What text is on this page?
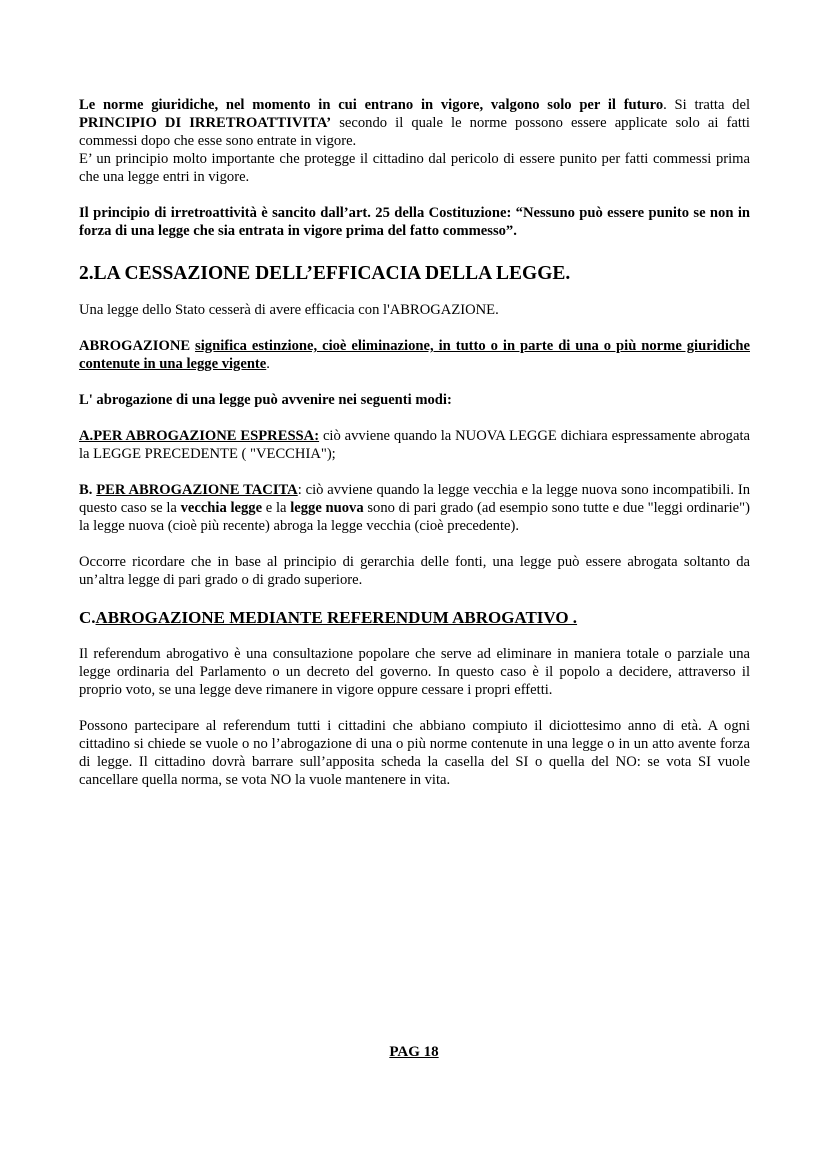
Le norme giuridiche, nel momento in cui entrano in vigore, valgono solo per il futuro. Si tratta del PRINCIPIO DI IRRETROATTIVITA’ secondo il quale le norme possono essere applicate solo ai fatti commessi dopo che esse sono entrate in vigore.
E’ un principio molto importante che protegge il cittadino dal pericolo di essere punito per fatti commessi prima che una legge entri in vigore.

Il principio di irretroattività è sancito dall’art. 25 della Costituzione: “Nessuno può essere punito se non in forza di una legge che sia entrata in vigore prima del fatto commesso”.

2.LA CESSAZIONE DELL’EFFICACIA DELLA LEGGE.

Una legge dello Stato cesserà di avere efficacia con l'ABROGAZIONE.

ABROGAZIONE significa estinzione, cioè eliminazione, in tutto o in parte di una o più norme giuridiche contenute in una legge vigente.

L' abrogazione di una legge può avvenire nei seguenti modi:

A.PER ABROGAZIONE ESPRESSA: ciò avviene quando la NUOVA LEGGE dichiara espressamente abrogata la LEGGE PRECEDENTE ( "VECCHIA");

B. PER ABROGAZIONE TACITA: ciò avviene quando la legge vecchia e la legge nuova sono incompatibili. In questo caso se la vecchia legge e la legge nuova sono di pari grado (ad esempio sono tutte e due "leggi ordinarie") la legge nuova (cioè più recente) abroga la legge vecchia (cioè precedente).

Occorre ricordare che in base al principio di gerarchia delle fonti, una legge può essere abrogata soltanto da un’altra legge di pari grado o di grado superiore.

C.ABROGAZIONE MEDIANTE REFERENDUM ABROGATIVO .

Il referendum abrogativo è una consultazione popolare che serve ad eliminare in maniera totale o parziale una legge ordinaria del Parlamento o un decreto del governo. In questo caso è il popolo a decidere, attraverso il proprio voto, se una legge deve rimanere in vigore oppure cessare i propri effetti.

Possono partecipare al referendum tutti i cittadini che abbiano compiuto il diciottesimo anno di età. A ogni cittadino si chiede se vuole o no l’abrogazione di una o più norme contenute in una legge o in un atto avente forza di legge. Il cittadino dovrà barrare sull’apposita scheda la casella del SI o quella del NO: se vota SI vuole cancellare quella norma, se vota NO la vuole mantenere in vita.

PAG 18
